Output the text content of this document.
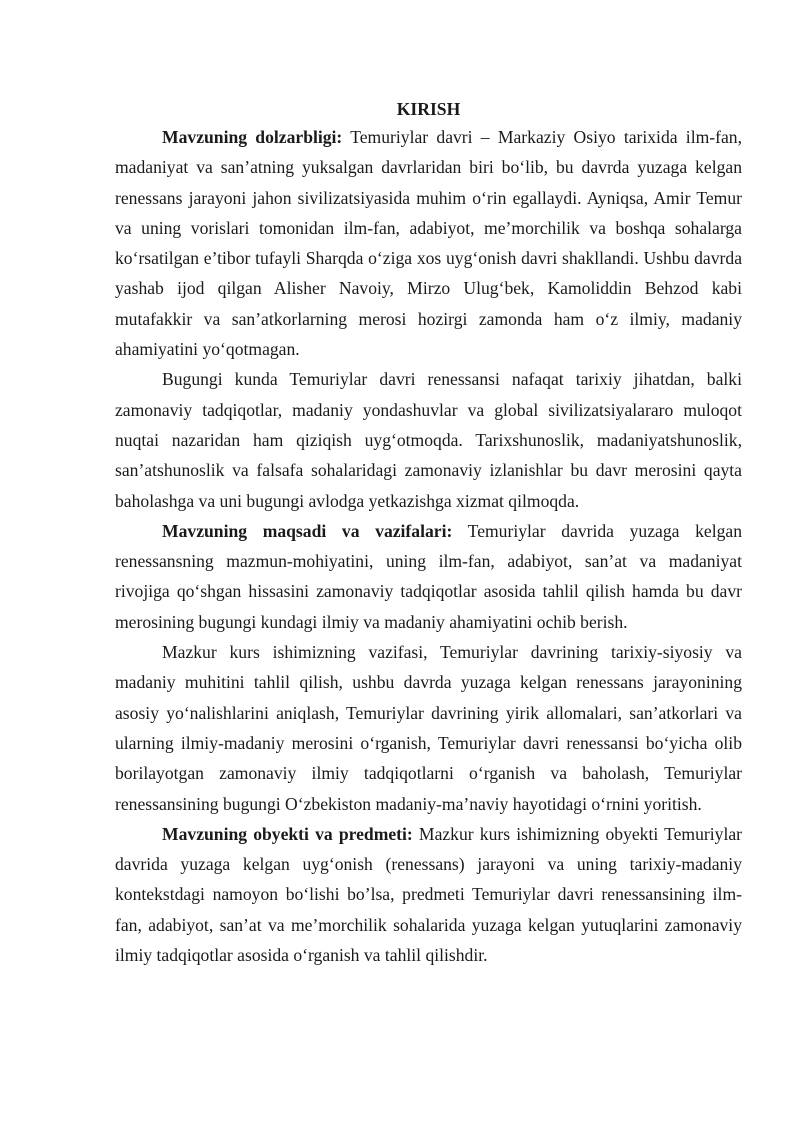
KIRISH

Mavzuning dolzarbligi: Temuriylar davri – Markaziy Osiyo tarixida ilm-fan, madaniyat va san’atning yuksalgan davrlaridan biri bo‘lib, bu davrda yuzaga kelgan renessans jarayoni jahon sivilizatsiyasida muhim o‘rin egallaydi. Ayniqsa, Amir Temur va uning vorislari tomonidan ilm-fan, adabiyot, me’morchilik va boshqa sohalarga ko‘rsatilgan e’tibor tufayli Sharqda o‘ziga xos uyg‘onish davri shakllandi. Ushbu davrda yashab ijod qilgan Alisher Navoiy, Mirzo Ulug‘bek, Kamoliddin Behzod kabi mutafakkir va san’atkorlarning merosi hozirgi zamonda ham o‘z ilmiy, madaniy ahamiyatini yo‘qotmagan.

Bugungi kunda Temuriylar davri renessansi nafaqat tarixiy jihatdan, balki zamonaviy tadqiqotlar, madaniy yondashuvlar va global sivilizatsiyalararo muloqot nuqtai nazaridan ham qiziqish uyg‘otmoqda. Tarixshunoslik, madaniyatshunoslik, san’atshunoslik va falsafa sohalaridagi zamonaviy izlanishlar bu davr merosini qayta baholashga va uni bugungi avlodga yetkazishga xizmat qilmoqda.

Mavzuning maqsadi va vazifalari: Temuriylar davrida yuzaga kelgan renessansning mazmun-mohiyatini, uning ilm-fan, adabiyot, san’at va madaniyat rivojiga qo‘shgan hissasini zamonaviy tadqiqotlar asosida tahlil qilish hamda bu davr merosining bugungi kundagi ilmiy va madaniy ahamiyatini ochib berish.

Mazkur kurs ishimizning vazifasi, Temuriylar davrining tarixiy-siyosiy va madaniy muhitini tahlil qilish, ushbu davrda yuzaga kelgan renessans jarayonining asosiy yo‘nalishlarini aniqlash, Temuriylar davrining yirik allomalari, san’atkorlari va ularning ilmiy-madaniy merosini o‘rganish, Temuriylar davri renessansi bo‘yicha olib borilayotgan zamonaviy ilmiy tadqiqotlarni o‘rganish va baholash, Temuriylar renessansining bugungi O‘zbekiston madaniy-ma’naviy hayotidagi o‘rnini yoritish.

Mavzuning obyekti va predmeti: Mazkur kurs ishimizning obyekti Temuriylar davrida yuzaga kelgan uyg‘onish (renessans) jarayoni va uning tarixiy-madaniy kontekstdagi namoyon bo‘lishi bo’lsa, predmeti Temuriylar davri renessansining ilm-fan, adabiyot, san’at va me’morchilik sohalarida yuzaga kelgan yutuqlarini zamonaviy ilmiy tadqiqotlar asosida o‘rganish va tahlil qilishdir.
